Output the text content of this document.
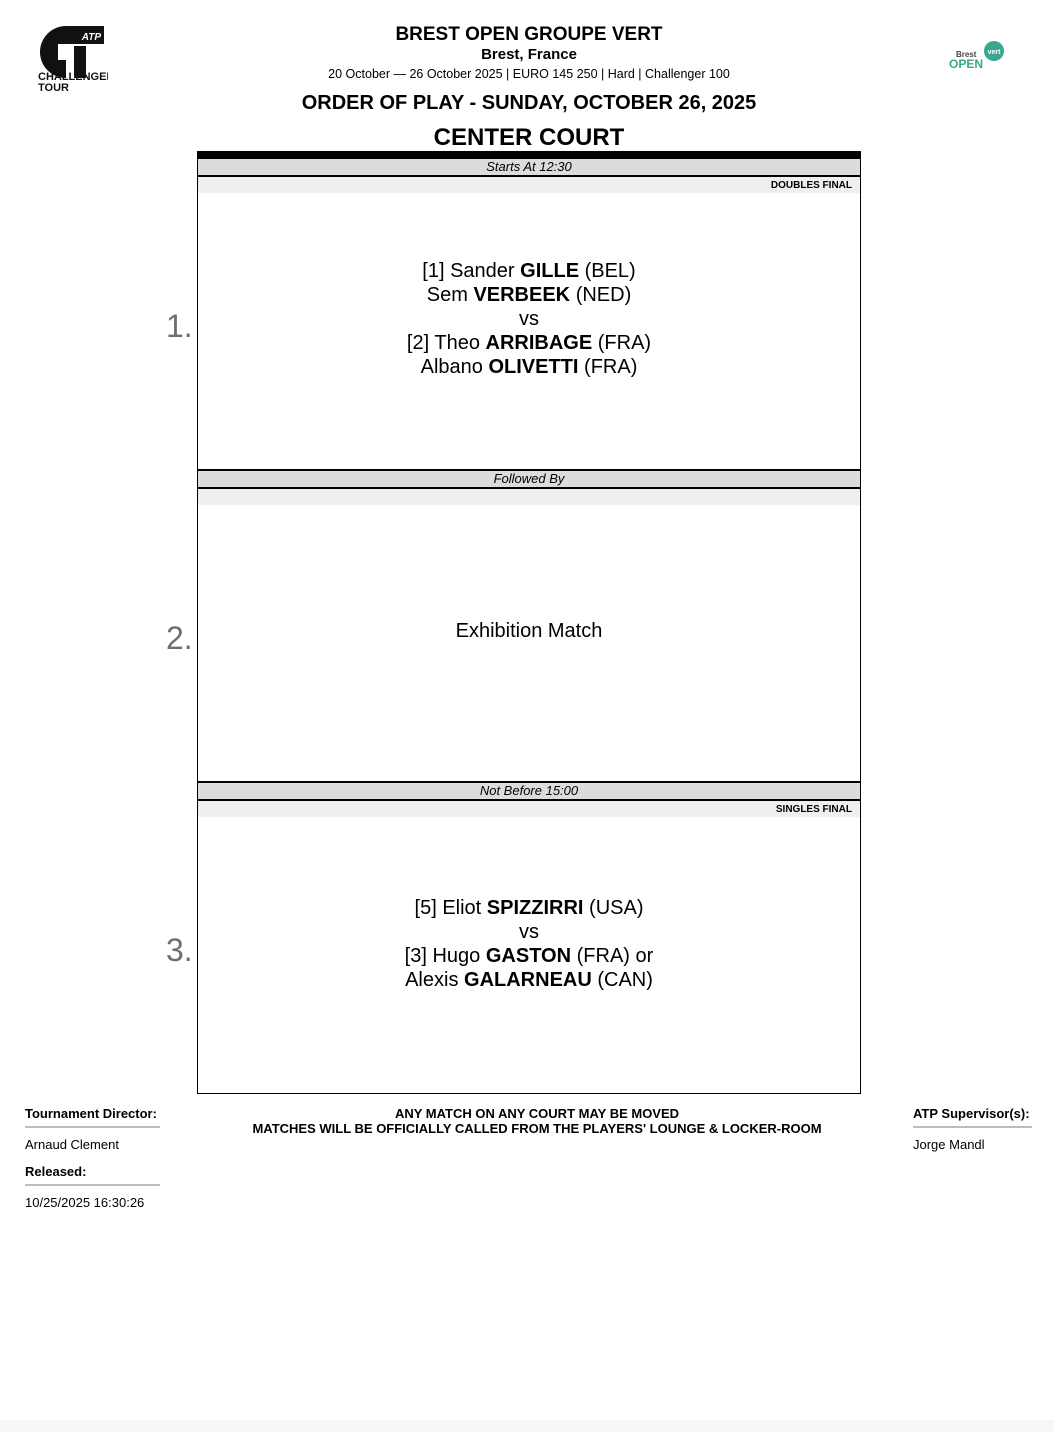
ATP
CHALLENGER
TOUR
vert
Brest
OPEN
BREST OPEN GROUPE VERT
Brest, France
20 October — 26 October 2025 | EURO 145 250 | Hard | Challenger 100
ORDER OF PLAY - SUNDAY, OCTOBER 26, 2025
CENTER COURT
Starts At 12:30
DOUBLES FINAL
[1] Sander GILLE (BEL)
Sem VERBEEK (NED)
vs
[2] Theo ARRIBAGE (FRA)
Albano OLIVETTI (FRA)
1.
Followed By
Exhibition Match
2.
Not Before 15:00
SINGLES FINAL
[5] Eliot SPIZZIRRI (USA)
vs
[3] Hugo GASTON (FRA) or
Alexis GALARNEAU (CAN)
3.
Tournament Director:
Arnaud Clement
Released:
10/25/2025 16:30:26
ANY MATCH ON ANY COURT MAY BE MOVED
MATCHES WILL BE OFFICIALLY CALLED FROM THE PLAYERS' LOUNGE & LOCKER-ROOM
ATP Supervisor(s):
Jorge Mandl
